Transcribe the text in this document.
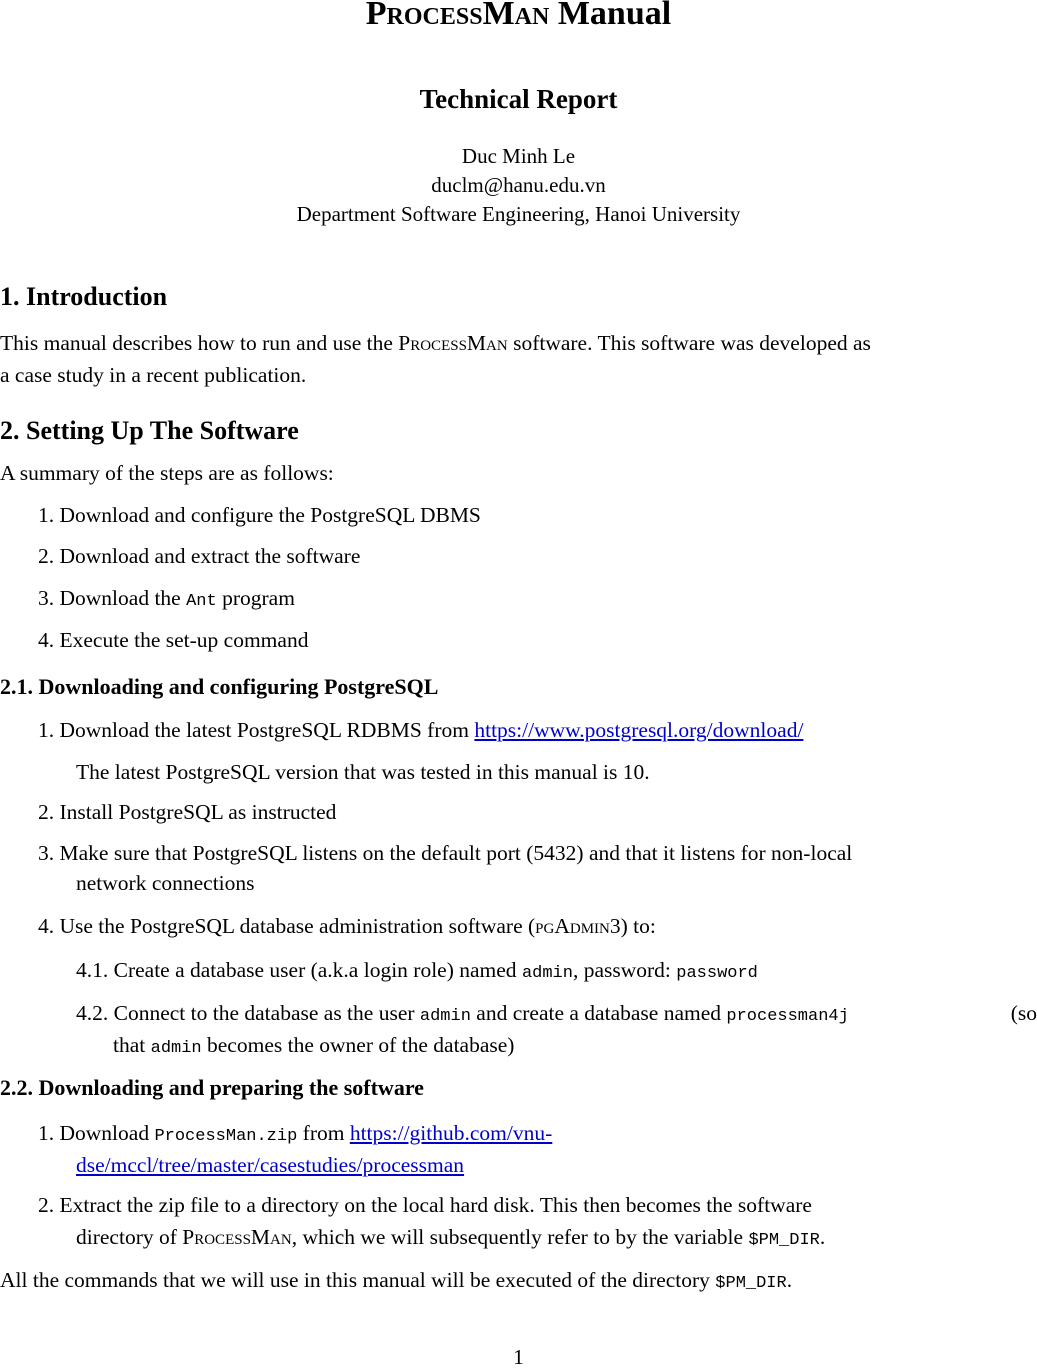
ProcessMan Manual
Technical Report
Duc Minh Le
duclm@hanu.edu.vn
Department Software Engineering, Hanoi University
1. Introduction
This manual describes how to run and use the ProcessMan software. This software was developed as
a case study in a recent publication.
2. Setting Up The Software
A summary of the steps are as follows:
1. Download and configure the PostgreSQL DBMS
2. Download and extract the software
3. Download the Ant program
4. Execute the set-up command
2.1. Downloading and configuring PostgreSQL
1. Download the latest PostgreSQL RDBMS from https://www.postgresql.org/download/
The latest PostgreSQL version that was tested in this manual is 10.
2. Install PostgreSQL as instructed
3. Make sure that PostgreSQL listens on the default port (5432) and that it listens for non-local
network connections
4. Use the PostgreSQL database administration software (pgAdmin3) to:
4.1. Create a database user (a.k.a login role) named admin, password: password
4.2. Connect to the database as the user admin and create a database named processman4j	(so
that admin becomes the owner of the database)
2.2. Downloading and preparing the software
1. Download ProcessMan.zip from https://github.com/vnu-
dse/mccl/tree/master/casestudies/processman
2. Extract the zip file to a directory on the local hard disk. This then becomes the software
directory of ProcessMan, which we will subsequently refer to by the variable $PM_DIR.
All the commands that we will use in this manual will be executed of the directory $PM_DIR.
1
